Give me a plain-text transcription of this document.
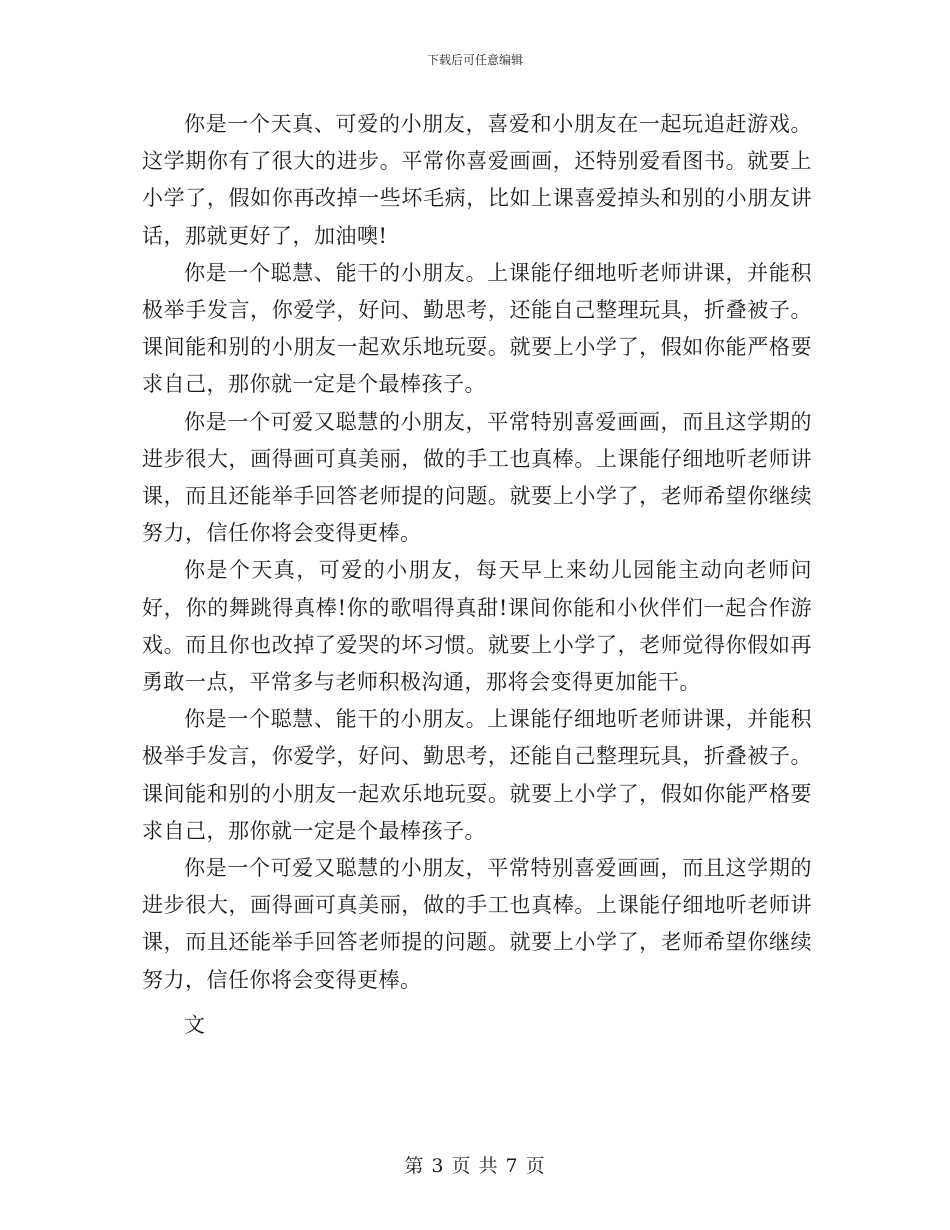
下载后可任意编辑

你是一个天真、可爱的小朋友，喜爱和小朋友在一起玩追赶游戏。这学期你有了很大的进步。平常你喜爱画画，还特别爱看图书。就要上小学了，假如你再改掉一些坏毛病，比如上课喜爱掉头和别的小朋友讲话，那就更好了，加油噢!

你是一个聪慧、能干的小朋友。上课能仔细地听老师讲课，并能积极举手发言，你爱学，好问、勤思考，还能自己整理玩具，折叠被子。课间能和别的小朋友一起欢乐地玩耍。就要上小学了，假如你能严格要求自己，那你就一定是个最棒孩子。

你是一个可爱又聪慧的小朋友，平常特别喜爱画画，而且这学期的进步很大，画得画可真美丽，做的手工也真棒。上课能仔细地听老师讲课，而且还能举手回答老师提的问题。就要上小学了，老师希望你继续努力，信任你将会变得更棒。

你是个天真，可爱的小朋友，每天早上来幼儿园能主动向老师问好，你的舞跳得真棒!你的歌唱得真甜!课间你能和小伙伴们一起合作游戏。而且你也改掉了爱哭的坏习惯。就要上小学了，老师觉得你假如再勇敢一点，平常多与老师积极沟通，那将会变得更加能干。

你是一个聪慧、能干的小朋友。上课能仔细地听老师讲课，并能积极举手发言，你爱学，好问、勤思考，还能自己整理玩具，折叠被子。课间能和别的小朋友一起欢乐地玩耍。就要上小学了，假如你能严格要求自己，那你就一定是个最棒孩子。

你是一个可爱又聪慧的小朋友，平常特别喜爱画画，而且这学期的进步很大，画得画可真美丽，做的手工也真棒。上课能仔细地听老师讲课，而且还能举手回答老师提的问题。就要上小学了，老师希望你继续努力，信任你将会变得更棒。

文

第 3 页 共 7 页
